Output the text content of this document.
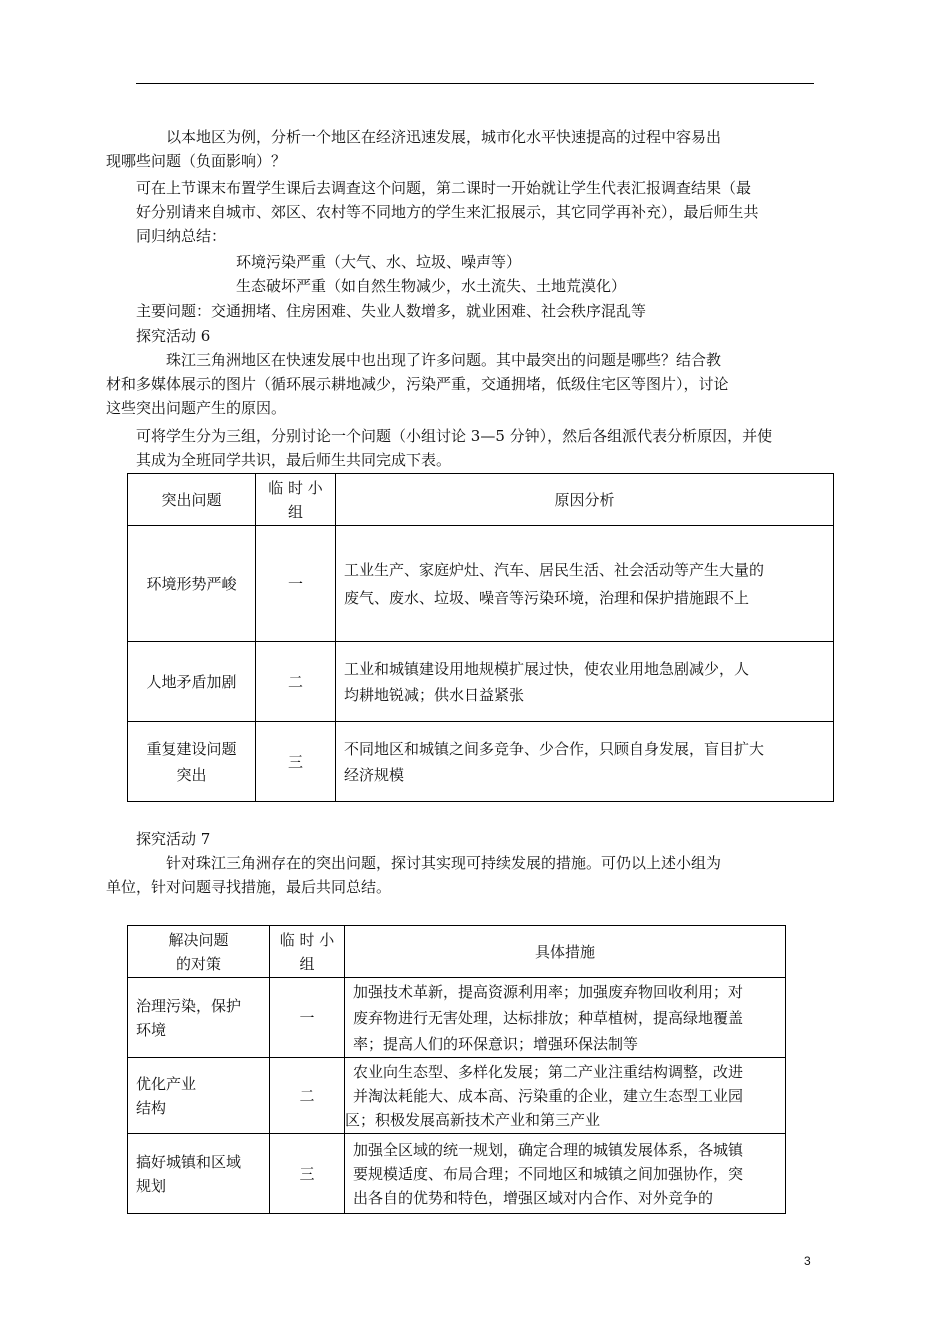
以本地区为例，分析一个地区在经济迅速发展，城市化水平快速提高的过程中容易出
现哪些问题（负面影响）？

可在上节课末布置学生课后去调查这个问题，第二课时一开始就让学生代表汇报调查结果（最
好分别请来自城市、郊区、农村等不同地方的学生来汇报展示，其它同学再补充），最后师生共
同归纳总结：

环境污染严重（大气、水、垃圾、噪声等）
生态破坏严重（如自然生物减少，水土流失、土地荒漠化）

主要问题：交通拥堵、住房困难、失业人数增多，就业困难、社会秩序混乱等

探究活动 6

珠江三角洲地区在快速发展中也出现了许多问题。其中最突出的问题是哪些？结合教
材和多媒体展示的图片（循环展示耕地减少，污染严重，交通拥堵，低级住宅区等图片），讨论
这些突出问题产生的原因。

可将学生分为三组，分别讨论一个问题（小组讨论 3—5 分钟），然后各组派代表分析原因，并使
其成为全班同学共识，最后师生共同完成下表。

突出问题	临 时 小
组	原因分析
环境形势严峻	一	工业生产、家庭炉灶、汽车、居民生活、社会活动等产生大量的
废气、废水、垃圾、噪音等污染环境，治理和保护措施跟不上
人地矛盾加剧	二	工业和城镇建设用地规模扩展过快，使农业用地急剧减少，人
均耕地锐减；供水日益紧张
重复建设问题
突出	三	不同地区和城镇之间多竞争、少合作，只顾自身发展，盲目扩大
经济规模

探究活动 7

针对珠江三角洲存在的突出问题，探讨其实现可持续发展的措施。可仍以上述小组为
单位，针对问题寻找措施，最后共同总结。

解决问题
的对策	临 时 小
组	具体措施
治理污染，保护
环境	一	加强技术革新，提高资源利用率；加强废弃物回收利用；对
废弃物进行无害处理，达标排放；种草植树，提高绿地覆盖
率；提高人们的环保意识；增强环保法制等
优化产业
结构	二	农业向生态型、多样化发展；第二产业注重结构调整，改进
并淘汰耗能大、成本高、污染重的企业，建立生态型工业园
区；积极发展高新技术产业和第三产业
搞好城镇和区域
规划	三	加强全区域的统一规划，确定合理的城镇发展体系，各城镇
要规模适度、布局合理；不同地区和城镇之间加强协作，突
出各自的优势和特色，增强区域对内合作、对外竞争的
3
